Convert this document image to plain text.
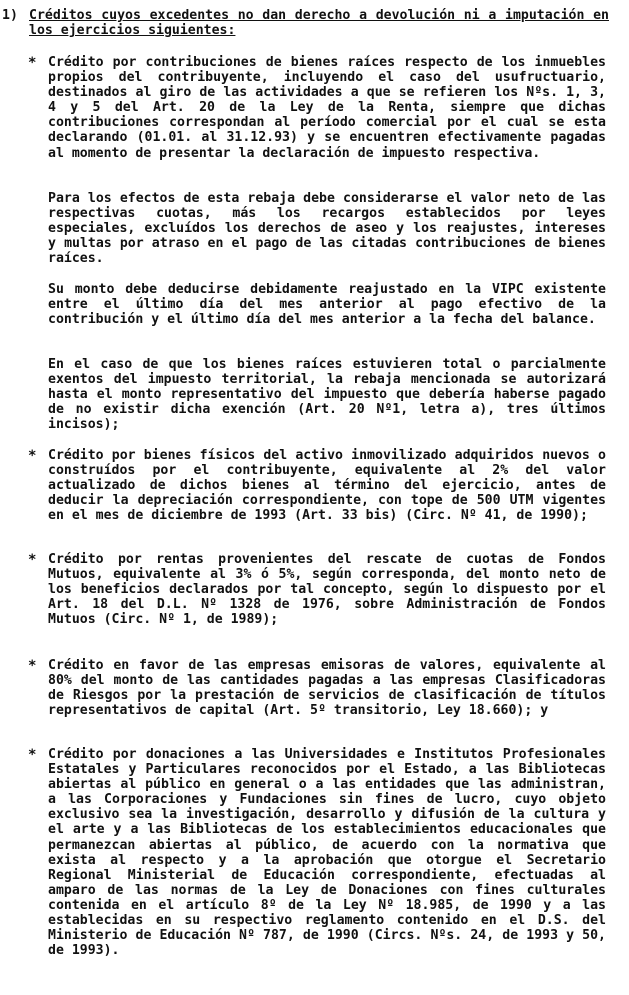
1) Créditos cuyos excedentes no dan derecho a devolución ni a imputación en los ejercicios siguientes:
* Crédito por contribuciones de bienes raíces respecto de los inmuebles propios del contribuyente, incluyendo el caso del usufructuario, destinados al giro de las actividades a que se refieren los Nºs. 1, 3, 4 y 5 del Art. 20 de la Ley de la Renta, siempre que dichas contribuciones correspondan al período comercial por el cual se esta declarando (01.01. al 31.12.93) y se encuentren efectivamente pagadas al momento de presentar la declaración de impuesto respectiva.
Para los efectos de esta rebaja debe considerarse el valor neto de las respectivas cuotas, más los recargos establecidos por leyes especiales, excluídos los derechos de aseo y los reajustes, intereses y multas por atraso en el pago de las citadas contribuciones de bienes raíces.
Su monto debe deducirse debidamente reajustado en la VIPC existente entre el último día del mes anterior al pago efectivo de la contribución y el último día del mes anterior a la fecha del balance.
En el caso de que los bienes raíces estuvieren total o parcialmente exentos del impuesto territorial, la rebaja mencionada se autorizará hasta el monto representativo del impuesto que debería haberse pagado de no existir dicha exención (Art. 20 Nº1, letra a), tres últimos incisos);
* Crédito por bienes físicos del activo inmovilizado adquiridos nuevos o construídos por el contribuyente, equivalente al 2% del valor actualizado de dichos bienes al término del ejercicio, antes de deducir la depreciación correspondiente, con tope de 500 UTM vigentes en el mes de diciembre de 1993 (Art. 33 bis) (Circ. Nº 41, de 1990);
* Crédito por rentas provenientes del rescate de cuotas de Fondos Mutuos, equivalente al 3% ó 5%, según corresponda, del monto neto de los beneficios declarados por tal concepto, según lo dispuesto por el Art. 18 del D.L. Nº 1328 de 1976, sobre Administración de Fondos Mutuos (Circ. Nº 1, de 1989);
* Crédito en favor de las empresas emisoras de valores, equivalente al 80% del monto de las cantidades pagadas a las empresas Clasificadoras de Riesgos por la prestación de servicios de clasificación de títulos representativos de capital (Art. 5º transitorio, Ley 18.660); y
* Crédito por donaciones a las Universidades e Institutos Profesionales Estatales y Particulares reconocidos por el Estado, a las Bibliotecas abiertas al público en general o a las entidades que las administran, a las Corporaciones y Fundaciones sin fines de lucro, cuyo objeto exclusivo sea la investigación, desarrollo y difusión de la cultura y el arte y a las Bibliotecas de los establecimientos educacionales que permanezcan abiertas al público, de acuerdo con la normativa que exista al respecto y a la aprobación que otorgue el Secretario Regional Ministerial de Educación correspondiente, efectuadas al amparo de las normas de la Ley de Donaciones con fines culturales contenida en el artículo 8º de la Ley Nº 18.985, de 1990 y a las establecidas en su respectivo reglamento contenido en el D.S. del Ministerio de Educación Nº 787, de 1990 (Circs. Nºs. 24, de 1993 y 50, de 1993).
